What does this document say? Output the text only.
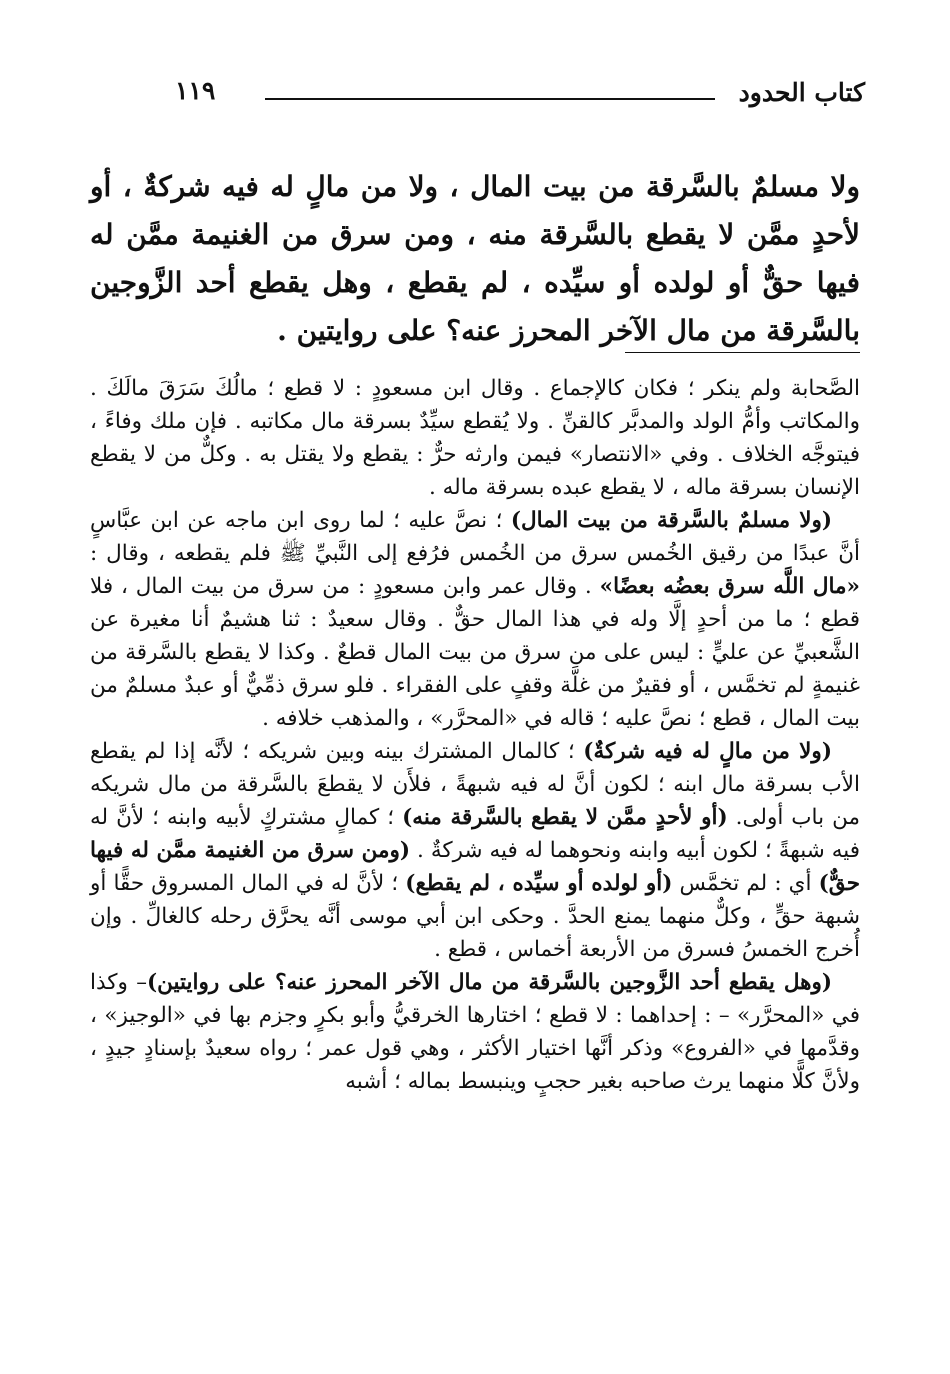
كتاب الحدود
١١٩
ولا مسلمٌ بالسَّرقة من بيت المال ، ولا من مالٍ له فيه شركةٌ ، أو لأحدٍ ممَّن لا يقطع بالسَّرقة منه ، ومن سرق من الغنيمة ممَّن له فيها حقٌّ أو لولده أو سيِّده ، لم يقطع ، وهل يقطع أحد الزَّوجين بالسَّرقة من مال الآخر المحرز عنه؟ على روايتين .

الصَّحابة ولم ينكر ؛ فكان كالإجماع . وقال ابن مسعودٍ : لا قطع ؛ مالُكَ سَرَقَ مالَكَ . والمكاتب وأمُّ الولد والمدبَّر كالقنِّ . ولا يُقطع سيِّدٌ بسرقة مال مكاتبه . فإن ملك وفاءً ، فيتوجَّه الخلاف . وفي «الانتصار» فيمن وارثه حرٌّ : يقطع ولا يقتل به . وكلٌّ من لا يقطع الإنسان بسرقة ماله ، لا يقطع عبده بسرقة ماله .

(ولا مسلمٌ بالسَّرقة من بيت المال) ؛ نصَّ عليه ؛ لما روى ابن ماجه عن ابن عبَّاسٍ أنَّ عبدًا من رقيق الخُمس سرق من الخُمس فرُفع إلى النَّبيِّ ﷺ فلم يقطعه ، وقال : «مال اللَّه سرق بعضُه بعضًا» . وقال عمر وابن مسعودٍ : من سرق من بيت المال ، فلا قطع ؛ ما من أحدٍ إلَّا وله في هذا المال حقٌّ . وقال سعيدٌ : ثنا هشيمٌ أنا مغيرة عن الشَّعبيِّ عن عليٍّ : ليس على من سرق من بيت المال قطعٌ . وكذا لا يقطع بالسَّرقة من غنيمةٍ لم تخمَّس ، أو فقيرٌ من غلَّة وقفٍ على الفقراء . فلو سرق ذمِّيٌّ أو عبدٌ مسلمٌ من بيت المال ، قطع ؛ نصَّ عليه ؛ قاله في «المحرَّر» ، والمذهب خلافه .

(ولا من مالٍ له فيه شركةٌ) ؛ كالمال المشترك بينه وبين شريكه ؛ لأنَّه إذا لم يقطع الأب بسرقة مال ابنه ؛ لكون أنَّ له فيه شبهةً ، فلأَن لا يقطعَ بالسَّرقة من مال شريكه من باب أولى. (أو لأحدٍ ممَّن لا يقطع بالسَّرقة منه) ؛ كمالٍ مشتركٍ لأبيه وابنه ؛ لأنَّ له فيه شبهةً ؛ لكون أبيه وابنه ونحوهما له فيه شركةٌ . (ومن سرق من الغنيمة ممَّن له فيها حقٌّ) أي : لم تخمَّس (أو لولده أو سيِّده ، لم يقطع) ؛ لأنَّ له في المال المسروق حقًّا أو شبهة حقٍّ ، وكلٌّ منهما يمنع الحدَّ . وحكى ابن أبي موسى أنَّه يحرَّق رحله كالغالِّ . وإن أُخرج الخمسُ فسرق من الأربعة أخماس ، قطع .

(وهل يقطع أحد الزَّوجين بالسَّرقة من مال الآخر المحرز عنه؟ على روايتين)– وكذا في «المحرَّر» – : إحداهما : لا قطع ؛ اختارها الخرقيُّ وأبو بكرٍ وجزم بها في «الوجيز» ، وقدَّمها في «الفروع» وذكر أنَّها اختيار الأكثر ، وهي قول عمر ؛ رواه سعيدٌ بإسنادٍ جيدٍ ، ولأنَّ كلًّا منهما يرث صاحبه بغير حجبٍ وينبسط بماله ؛ أشبه
